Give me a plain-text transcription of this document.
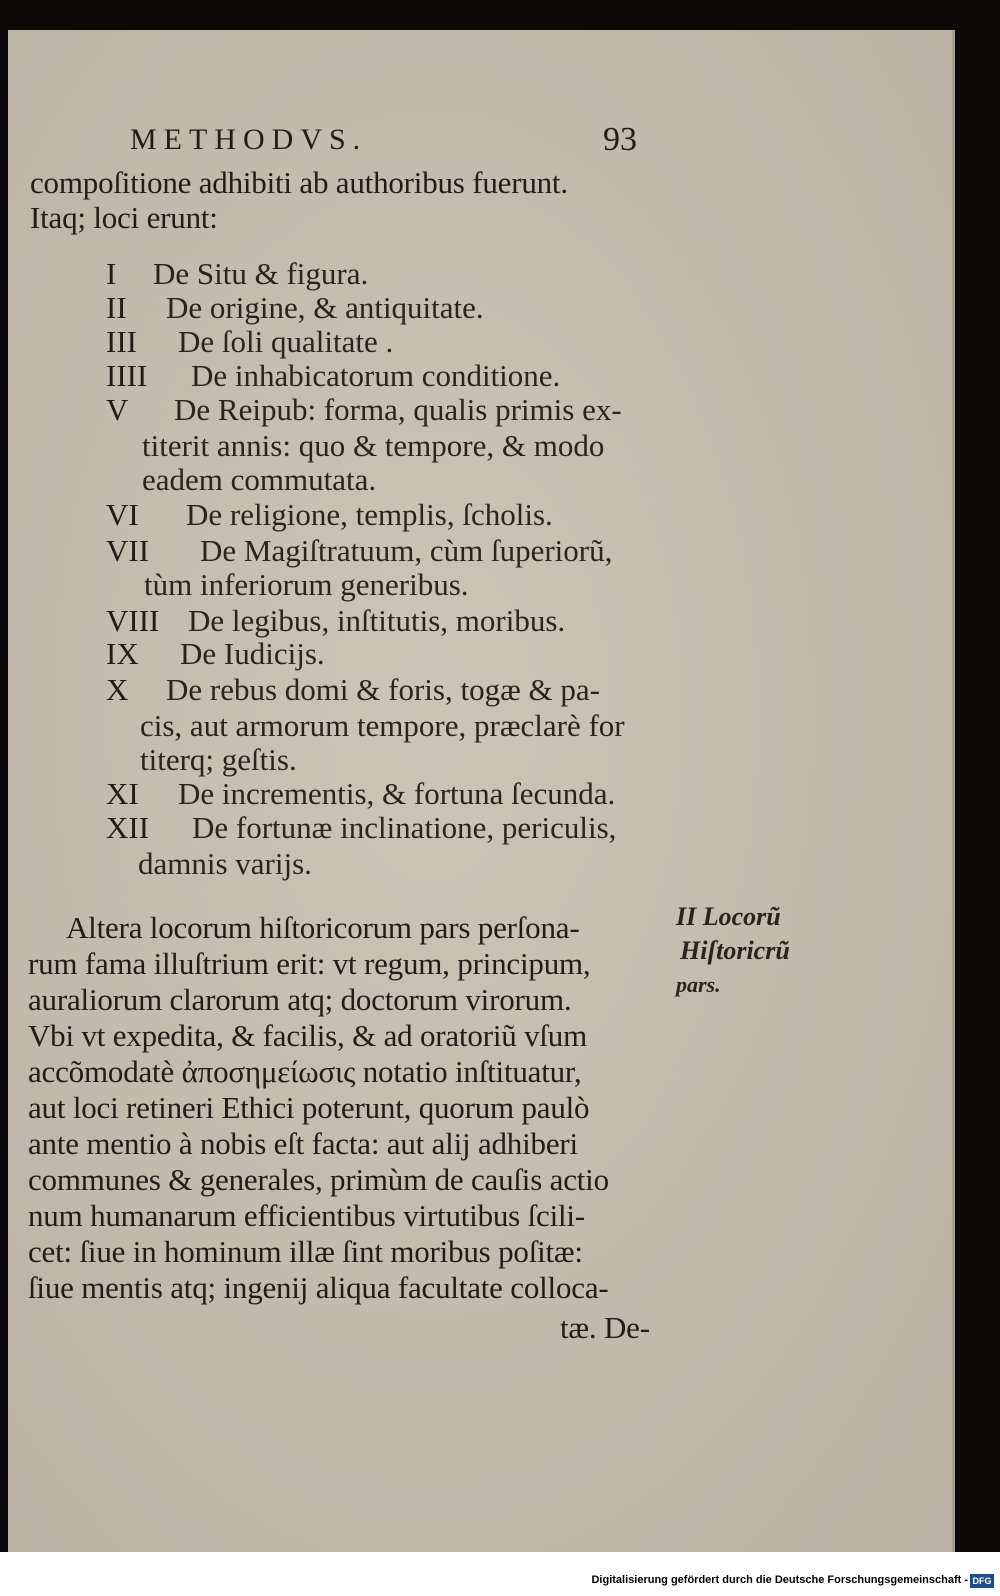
METHODVS.	93
compoſitione adhibiti ab authoribus fuerunt.
Itaq; loci erunt:
I De Situ & figura.
II De origine, & antiquitate.
III De ſoli qualitate .
IIII De inhabicatorum conditione.
V De Reipub: forma, qualis primis ex-
titerit annis: quo & tempore, & modo
eadem commutata.
VI De religione, templis, ſcholis.
VII De Magiſtratuum, cùm ſuperiorũ,
tùm inferiorum generibus.
VIII De legibus, inſtitutis, moribus.
IX De Iudicijs.
X De rebus domi & foris, togæ & pa-
cis, aut armorum tempore, præclarè for
titerq; geſtis.
XI De incrementis, & fortuna ſecunda.
XII De fortunæ inclinatione, periculis,
damnis varijs.
Altera locorum hiſtoricorum pars perſona-
rum fama illuſtrium erit: vt regum, principum,
auraliorum clarorum atq; doctorum virorum.
Vbi vt expedita, & facilis, & ad oratoriũ vſum
accõmodatè ἀποσημείωσις notatio inſtituatur,
aut loci retineri Ethici poterunt, quorum paulò
ante mentio à nobis eſt facta: aut alij adhiberi
communes & generales, primùm de cauſis actio
num humanarum efficientibus virtutibus ſcili-
cet: ſiue in hominum illæ ſint moribus poſitæ:
ſiue mentis atq; ingenij aliqua facultate colloca-
tæ. De-
II Locorũ
Hiſtoricrũ
pars.
Digitalisierung gefördert durch die Deutsche Forschungsgemeinschaft - DFG
